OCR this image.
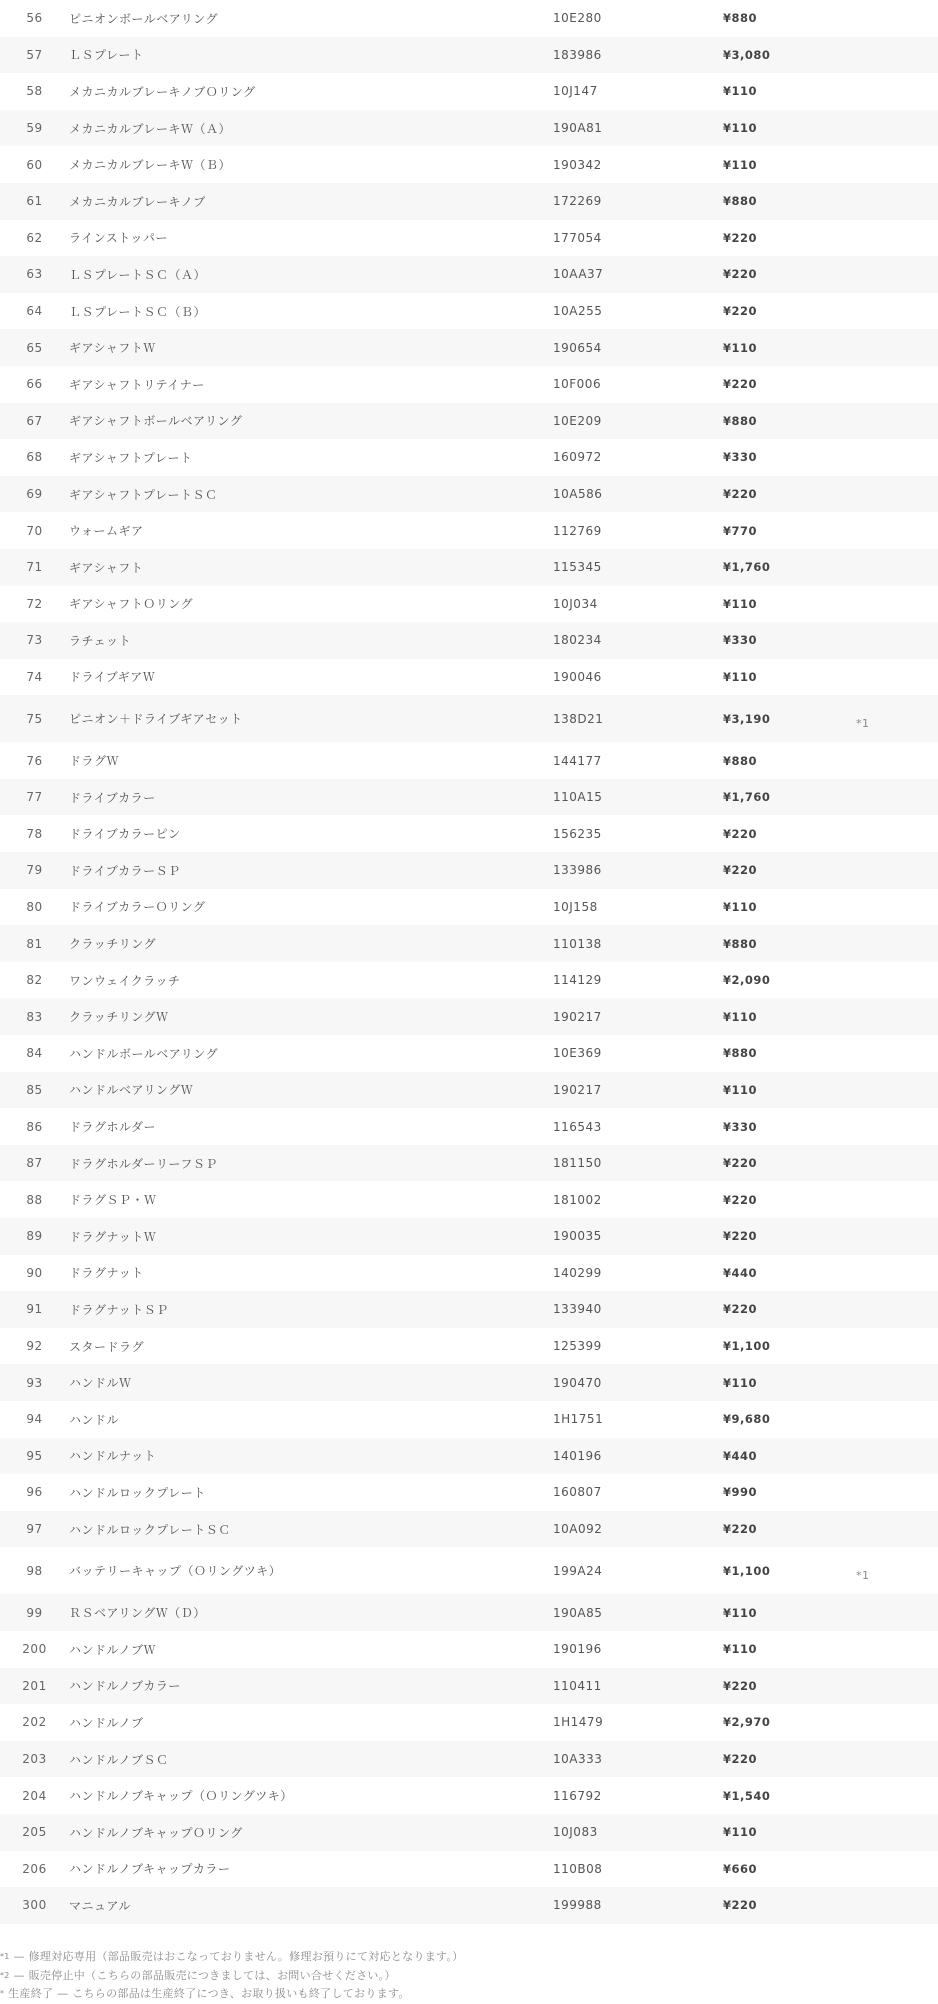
56	ピニオンボールベアリング	10E280	¥880	
57	ＬＳプレート	183986	¥3,080	
58	メカニカルブレーキノブＯリング	10J147	¥110	
59	メカニカルブレーキＷ（Ａ）	190A81	¥110	
60	メカニカルブレーキＷ（Ｂ）	190342	¥110	
61	メカニカルブレーキノブ	172269	¥880	
62	ラインストッパー	177054	¥220	
63	ＬＳプレートＳＣ（Ａ）	10AA37	¥220	
64	ＬＳプレートＳＣ（Ｂ）	10A255	¥220	
65	ギアシャフトＷ	190654	¥110	
66	ギアシャフトリテイナー	10F006	¥220	
67	ギアシャフトボールベアリング	10E209	¥880	
68	ギアシャフトプレート	160972	¥330	
69	ギアシャフトプレートＳＣ	10A586	¥220	
70	ウォームギア	112769	¥770	
71	ギアシャフト	115345	¥1,760	
72	ギアシャフトＯリング	10J034	¥110	
73	ラチェット	180234	¥330	
74	ドライブギアＷ	190046	¥110	
75	ピニオン＋ドライブギアセット	138D21	¥3,190	*1
76	ドラグＷ	144177	¥880	
77	ドライブカラー	110A15	¥1,760	
78	ドライブカラーピン	156235	¥220	
79	ドライブカラーＳＰ	133986	¥220	
80	ドライブカラーＯリング	10J158	¥110	
81	クラッチリング	110138	¥880	
82	ワンウェイクラッチ	114129	¥2,090	
83	クラッチリングＷ	190217	¥110	
84	ハンドルボールベアリング	10E369	¥880	
85	ハンドルベアリングＷ	190217	¥110	
86	ドラグホルダー	116543	¥330	
87	ドラグホルダーリーフＳＰ	181150	¥220	
88	ドラグＳＰ・Ｗ	181002	¥220	
89	ドラグナットＷ	190035	¥220	
90	ドラグナット	140299	¥440	
91	ドラグナットＳＰ	133940	¥220	
92	スタードラグ	125399	¥1,100	
93	ハンドルＷ	190470	¥110	
94	ハンドル	1H1751	¥9,680	
95	ハンドルナット	140196	¥440	
96	ハンドルロックプレート	160807	¥990	
97	ハンドルロックプレートＳＣ	10A092	¥220	
98	バッテリーキャップ（Ｏリングツキ）	199A24	¥1,100	*1
99	ＲＳベアリングＷ（Ｄ）	190A85	¥110	
200	ハンドルノブＷ	190196	¥110	
201	ハンドルノブカラー	110411	¥220	
202	ハンドルノブ	1H1479	¥2,970	
203	ハンドルノブＳＣ	10A333	¥220	
204	ハンドルノブキャップ（Ｏリングツキ）	116792	¥1,540	
205	ハンドルノブキャップＯリング	10J083	¥110	
206	ハンドルノブキャップカラー	110B08	¥660	
300	マニュアル	199988	¥220	
$^{*1}$ — 修理対応専用（部品販売はおこなっておりません。修理お預りにて対応となります。）
$^{*2}$ — 販売停止中（こちらの部品販売につきましては、お問い合せください。）
* 生産終了 — こちらの部品は生産終了につき、お取り扱いも終了しております。
